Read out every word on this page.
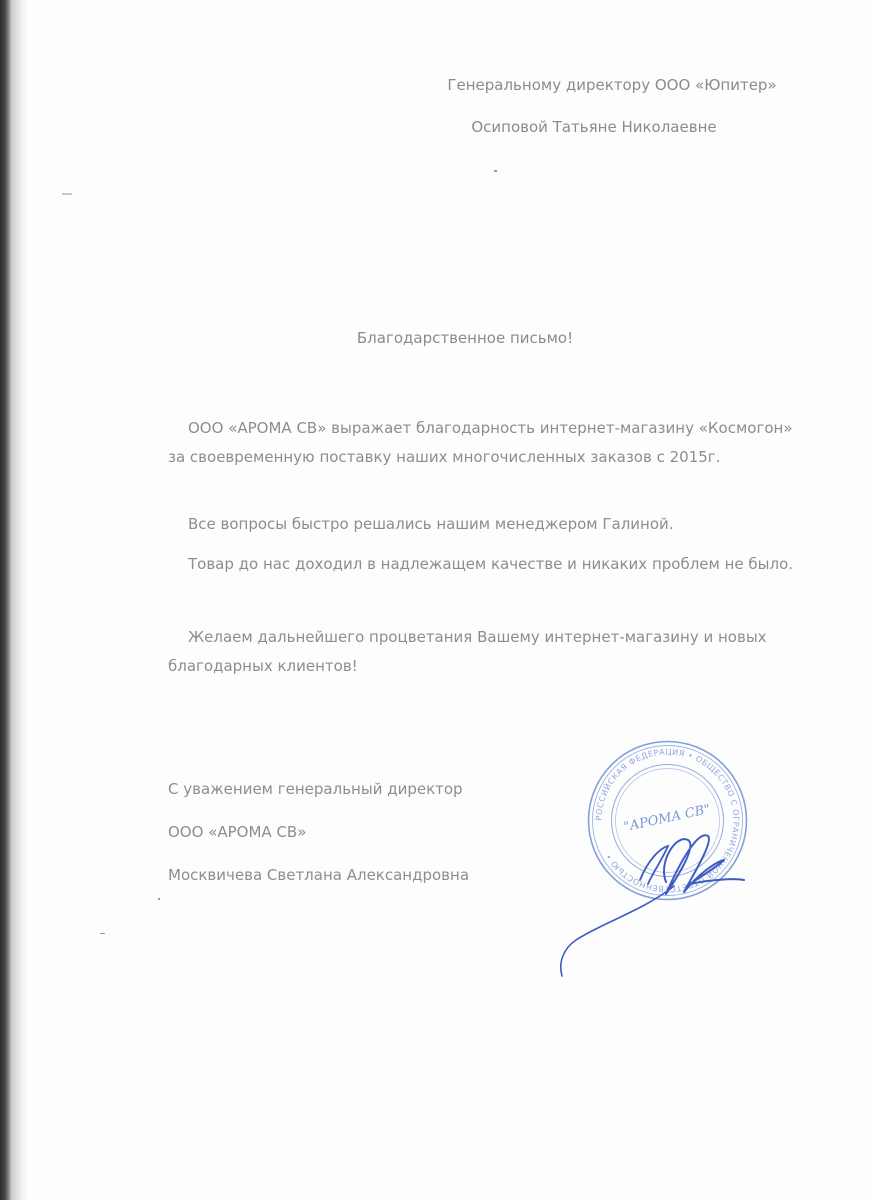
Генеральному директору ООО «Юпитер»
Осиповой Татьяне Николаевне
Благодарственное письмо!
ООО «АРОМА СВ» выражает благодарность интернет-магазину «Космогон» за своевременную поставку наших многочисленных заказов с 2015г.
Все вопросы быстро решались нашим менеджером Галиной.
Товар до нас доходил в надлежащем качестве и никаких проблем не было.
Желаем дальнейшего процветания Вашему интернет-магазину и новых благодарных клиентов!
С уважением генеральный директор
ООО «АРОМА СВ»
Москвичева Светлана Александровна
РОССИЙСКАЯ ФЕДЕРАЦИЯ • ОБЩЕСТВО С ОГРАНИЧЕННОЙ ОТВЕТСТВЕННОСТЬЮ •
"АРОМА СВ"
